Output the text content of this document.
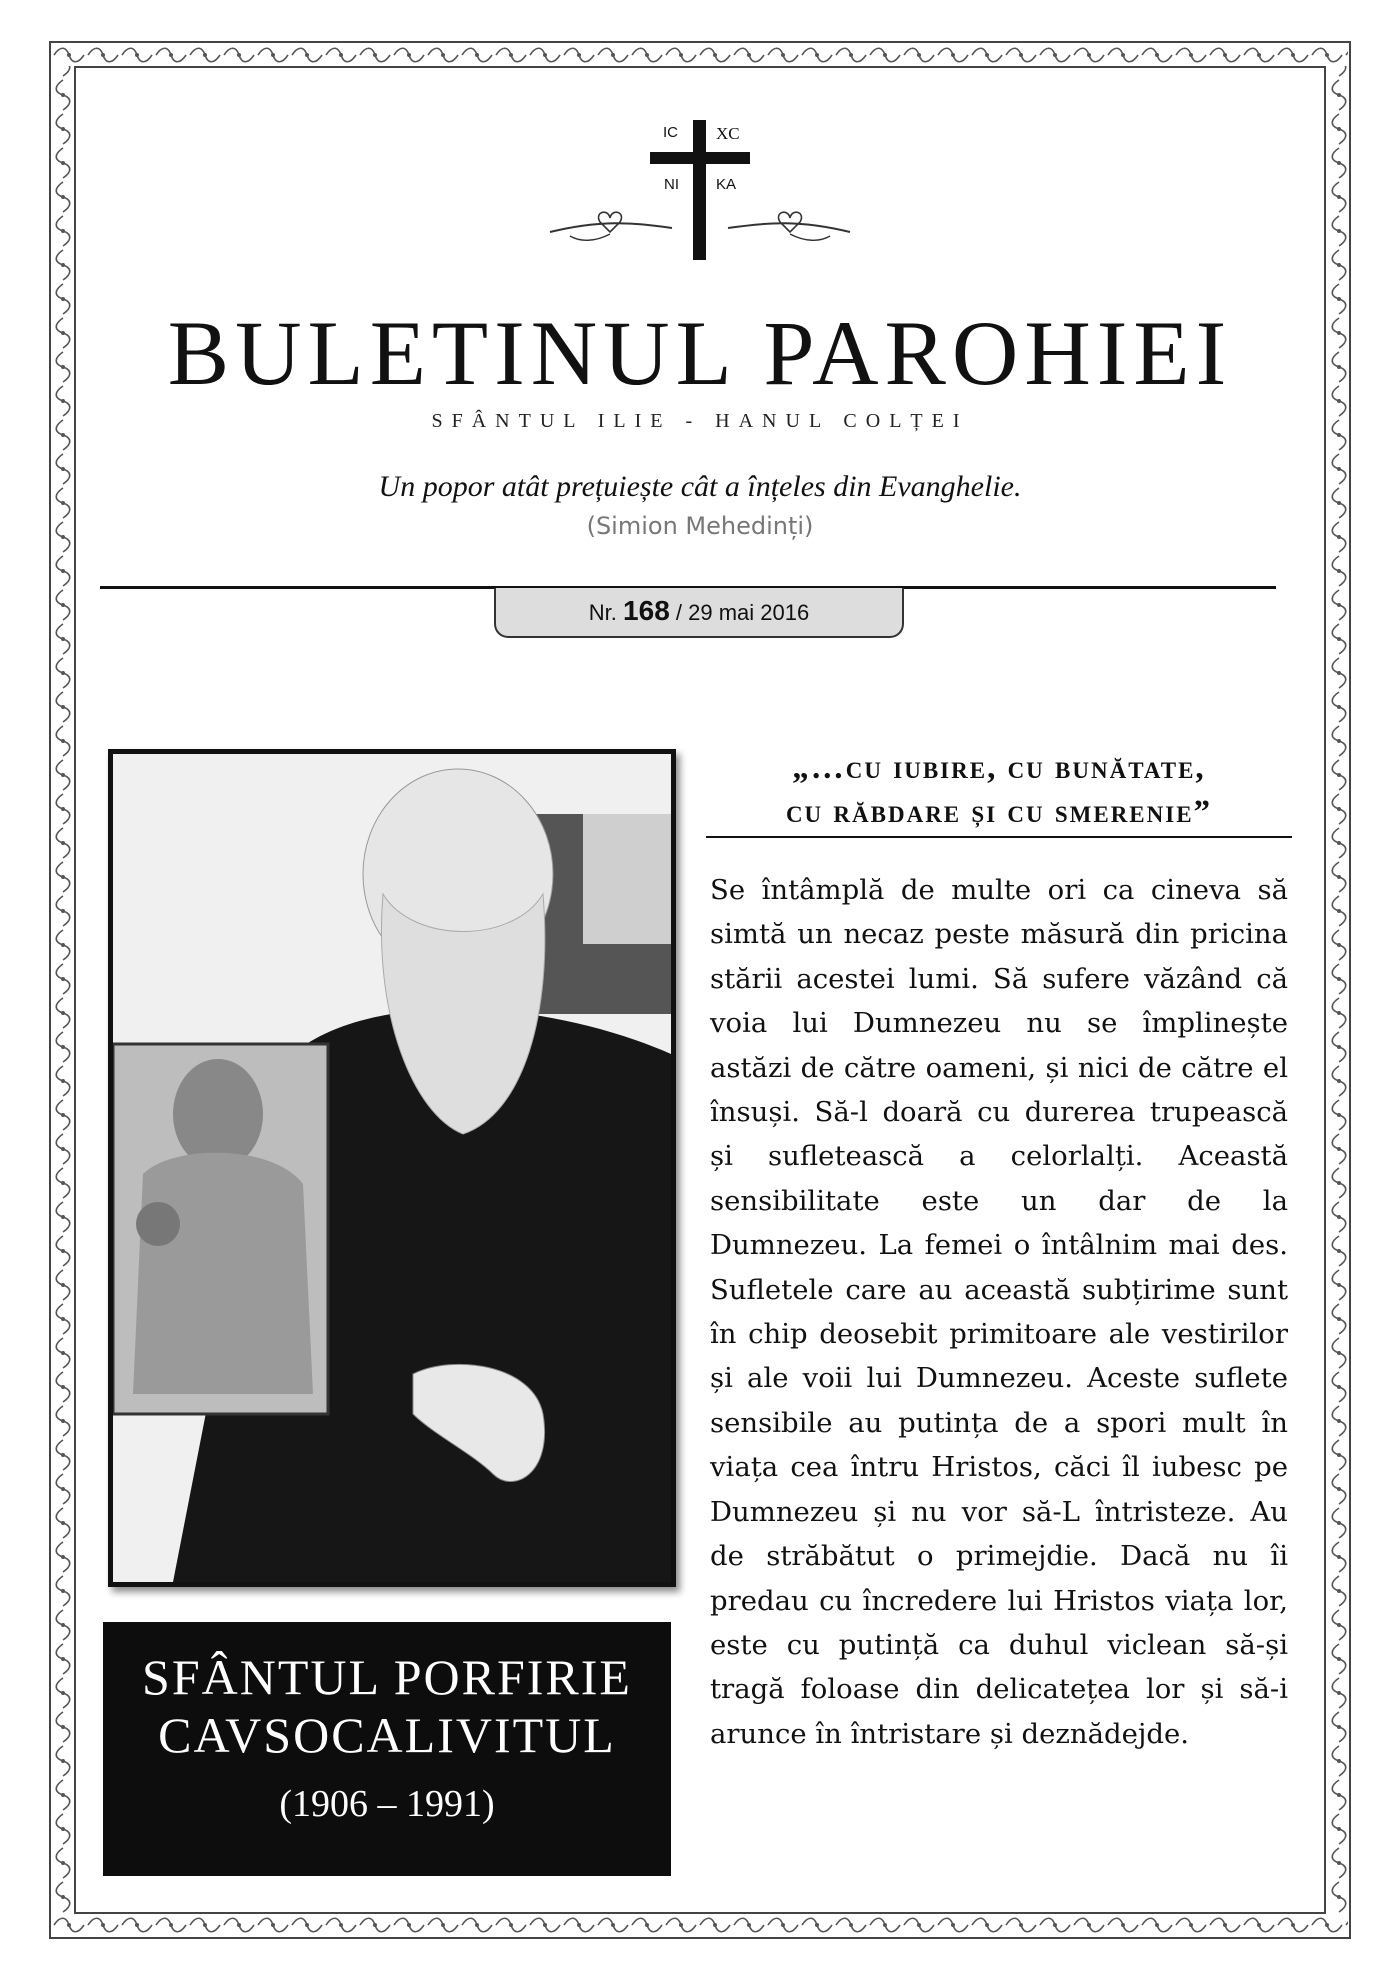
IC XC
NI KA
BULETINUL PAROHIEI
SFÂNTUL ILIE - HANUL COLȚEI
Un popor atât prețuiește cât a înțeles din Evanghelie.
(Simion Mehedinți)
Nr. 168 / 29 mai 2016
SFÂNTUL PORFIRIE
CAVSOCALIVITUL
(1906 – 1991)
„…cu iubire, cu bunătate,
cu răbdare și cu smerenie”
Se întâmplă de multe ori ca cineva să simtă un necaz peste măsură din pricina stării acestei lumi. Să sufere văzând că voia lui Dumnezeu nu se împlinește astăzi de către oameni, și nici de către el însuși. Să-l doară cu durerea trupească și sufletească a celorlalți. Această sensibilitate este un dar de la Dumnezeu. La femei o întâlnim mai des. Sufletele care au această subțirime sunt în chip deosebit primitoare ale vestirilor și ale voii lui Dumnezeu. Aceste suflete sensibile au putința de a spori mult în viața cea întru Hristos, căci îl iubesc pe Dumnezeu și nu vor să-L întristeze. Au de străbătut o primejdie. Dacă nu îi predau cu încredere lui Hristos viața lor, este cu putință ca duhul viclean să-și tragă foloase din delicatețea lor și să-i arunce în întristare și deznădejde.
